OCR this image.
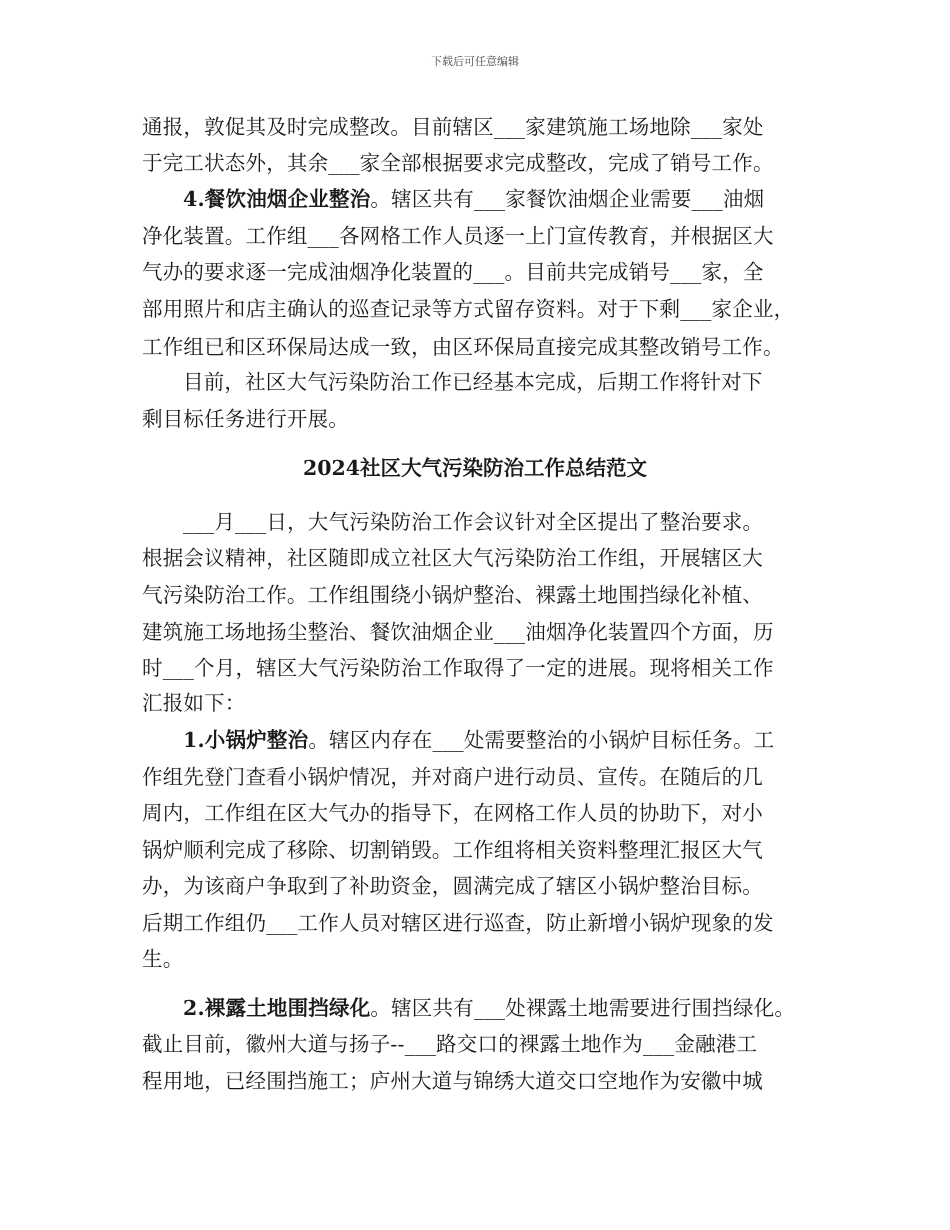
下载后可任意编辑
通报，敦促其及时完成整改。目前辖区___家建筑施工场地除___家处
于完工状态外，其余___家全部根据要求完成整改，完成了销号工作。
4.餐饮油烟企业整治。辖区共有___家餐饮油烟企业需要___油烟
净化装置。工作组___各网格工作人员逐一上门宣传教育，并根据区大
气办的要求逐一完成油烟净化装置的___。目前共完成销号___家，全
部用照片和店主确认的巡查记录等方式留存资料。对于下剩___家企业，
工作组已和区环保局达成一致，由区环保局直接完成其整改销号工作。
目前，社区大气污染防治工作已经基本完成，后期工作将针对下
剩目标任务进行开展。
2024社区大气污染防治工作总结范文
___月___日，大气污染防治工作会议针对全区提出了整治要求。
根据会议精神，社区随即成立社区大气污染防治工作组，开展辖区大
气污染防治工作。工作组围绕小锅炉整治、裸露土地围挡绿化补植、
建筑施工场地扬尘整治、餐饮油烟企业___油烟净化装置四个方面，历
时___个月，辖区大气污染防治工作取得了一定的进展。现将相关工作
汇报如下：
1.小锅炉整治。辖区内存在___处需要整治的小锅炉目标任务。工
作组先登门查看小锅炉情况，并对商户进行动员、宣传。在随后的几
周内，工作组在区大气办的指导下，在网格工作人员的协助下，对小
锅炉顺利完成了移除、切割销毁。工作组将相关资料整理汇报区大气
办，为该商户争取到了补助资金，圆满完成了辖区小锅炉整治目标。
后期工作组仍___工作人员对辖区进行巡查，防止新增小锅炉现象的发
生。
2.裸露土地围挡绿化。辖区共有___处裸露土地需要进行围挡绿化。
截止目前，徽州大道与扬子--___路交口的裸露土地作为___金融港工
程用地，已经围挡施工；庐州大道与锦绣大道交口空地作为安徽中城
